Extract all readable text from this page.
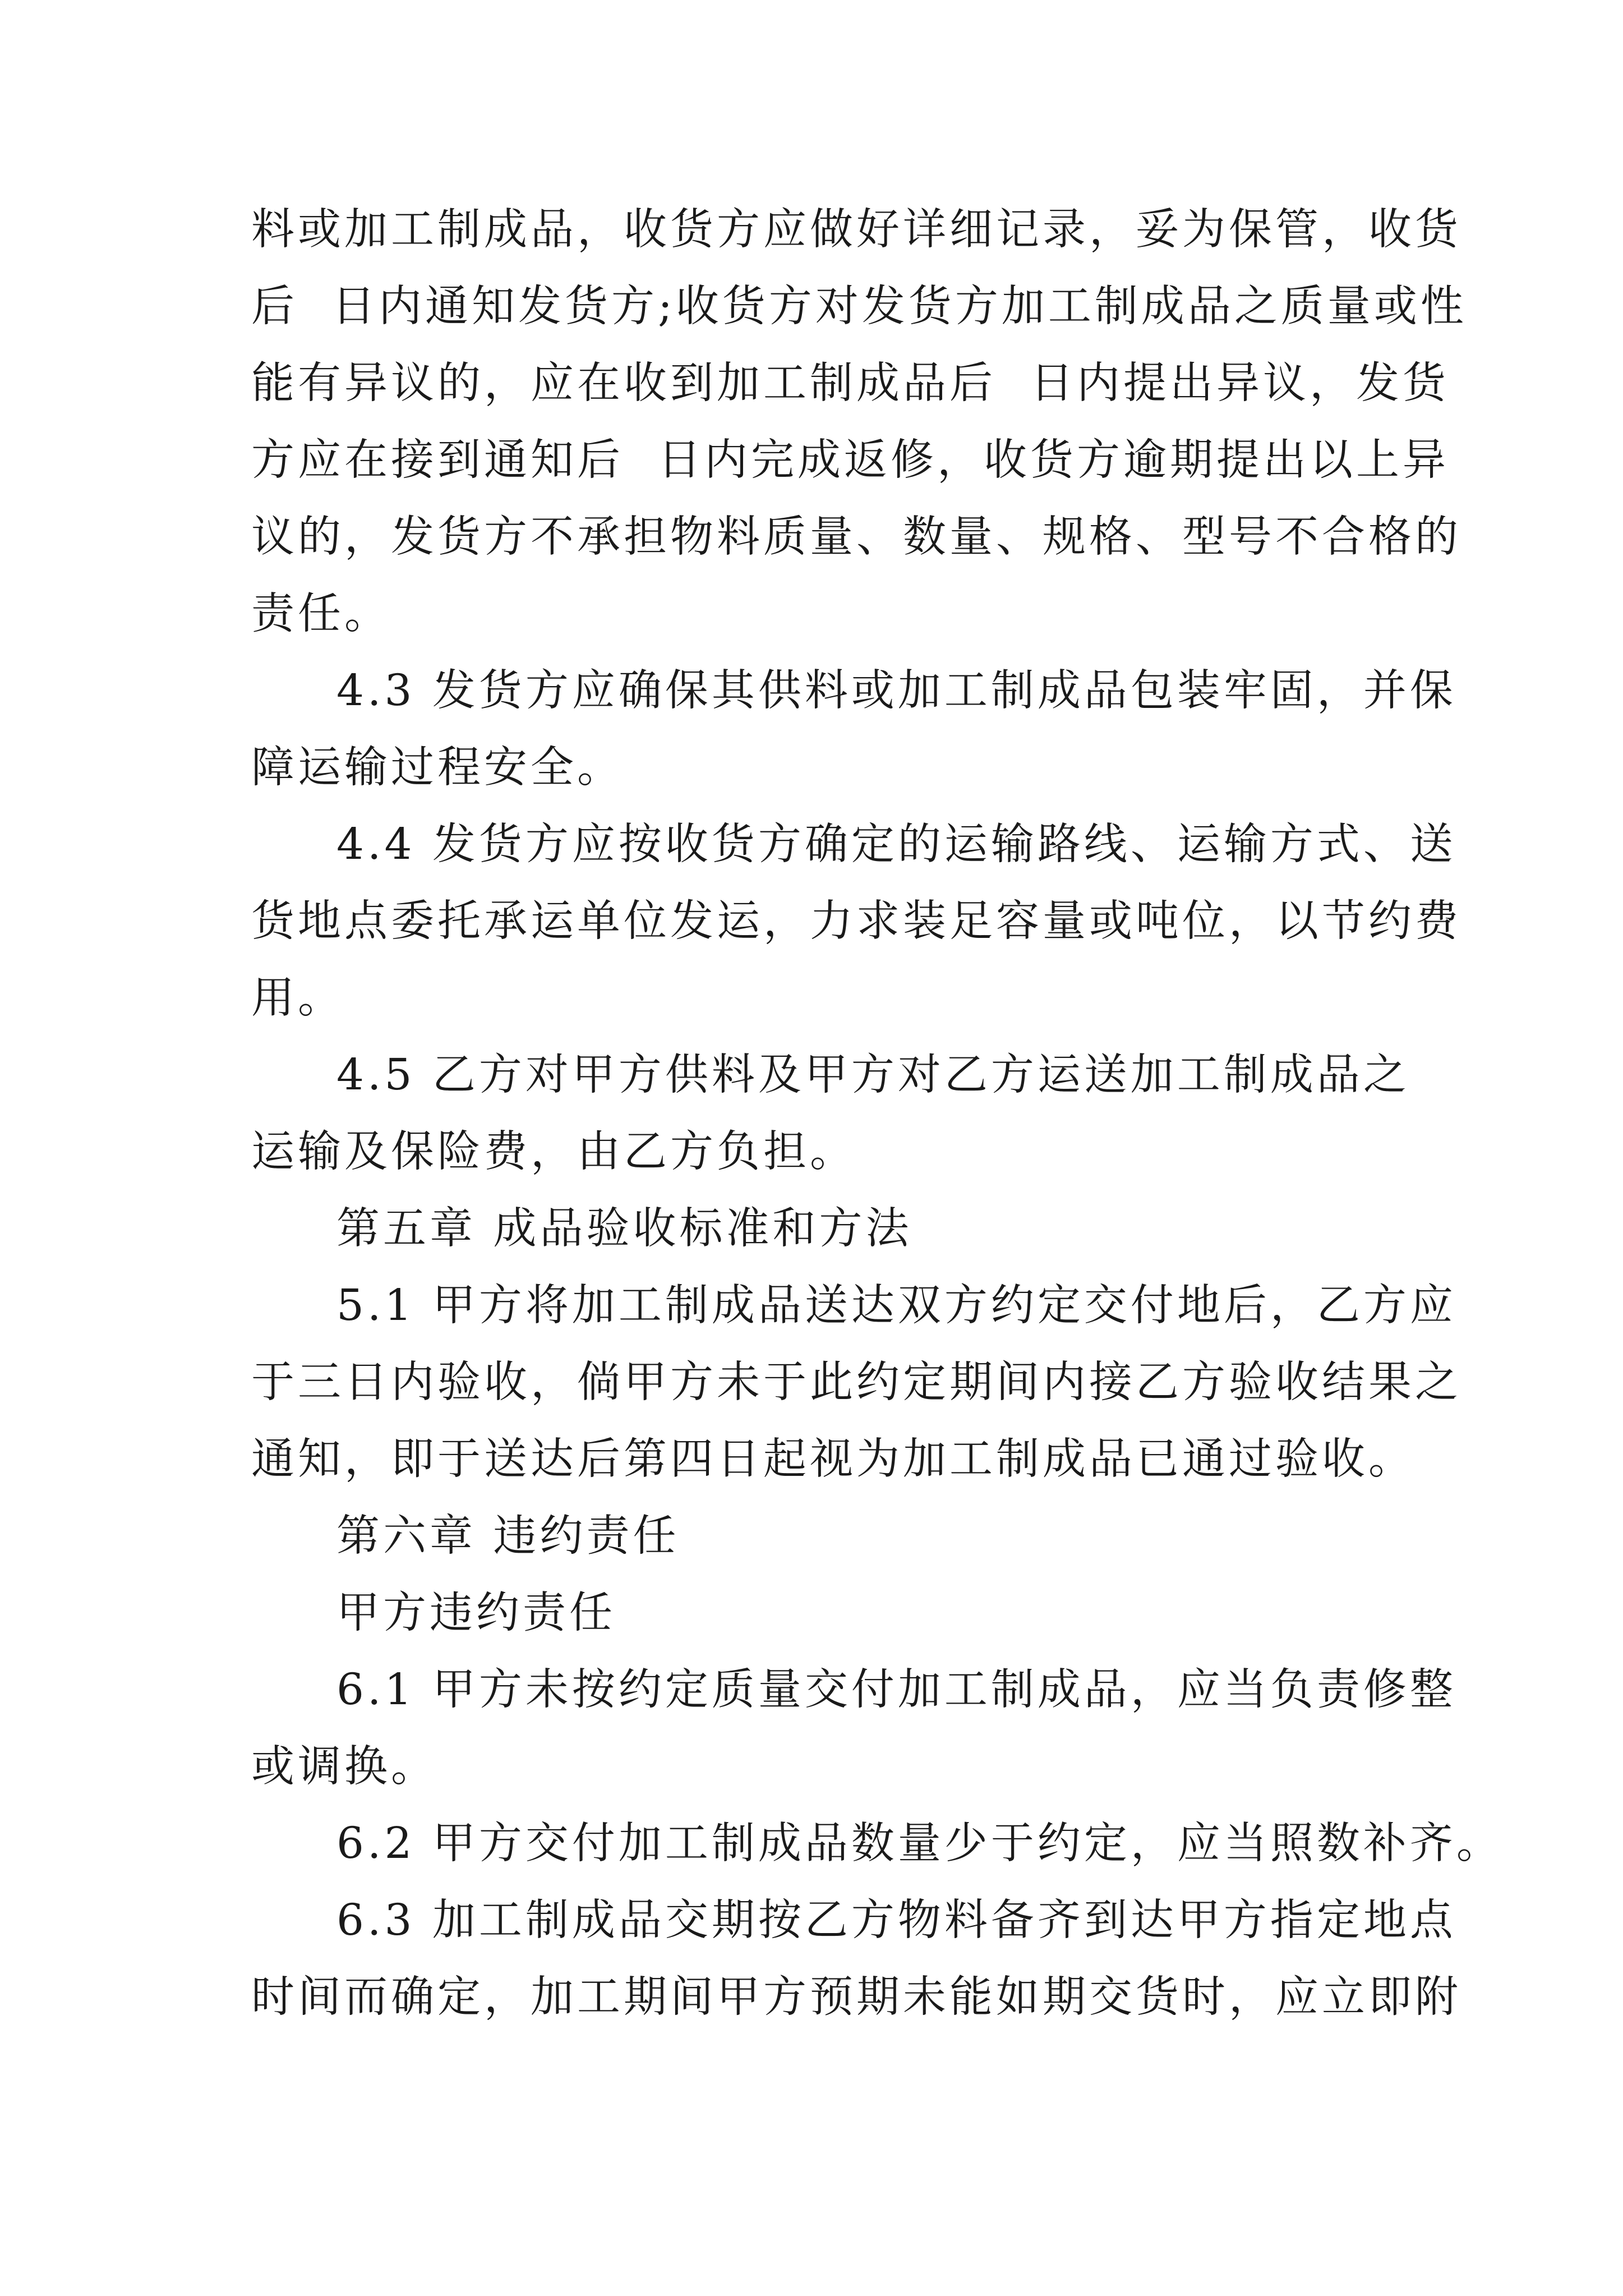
料或加工制成品，收货方应做好详细记录，妥为保管，收货
后  日内通知发货方;收货方对发货方加工制成品之质量或性
能有异议的，应在收到加工制成品后  日内提出异议，发货
方应在接到通知后  日内完成返修，收货方逾期提出以上异
议的，发货方不承担物料质量、数量、规格、型号不合格的
责任。
4.3 发货方应确保其供料或加工制成品包装牢固，并保
障运输过程安全。
4.4 发货方应按收货方确定的运输路线、运输方式、送
货地点委托承运单位发运，力求装足容量或吨位，以节约费
用。
4.5 乙方对甲方供料及甲方对乙方运送加工制成品之
运输及保险费，由乙方负担。
第五章 成品验收标准和方法
5.1 甲方将加工制成品送达双方约定交付地后，乙方应
于三日内验收，倘甲方未于此约定期间内接乙方验收结果之
通知，即于送达后第四日起视为加工制成品已通过验收。
第六章 违约责任
甲方违约责任
6.1 甲方未按约定质量交付加工制成品，应当负责修整
或调换。
6.2 甲方交付加工制成品数量少于约定，应当照数补齐。
6.3 加工制成品交期按乙方物料备齐到达甲方指定地点
时间而确定，加工期间甲方预期未能如期交货时，应立即附
